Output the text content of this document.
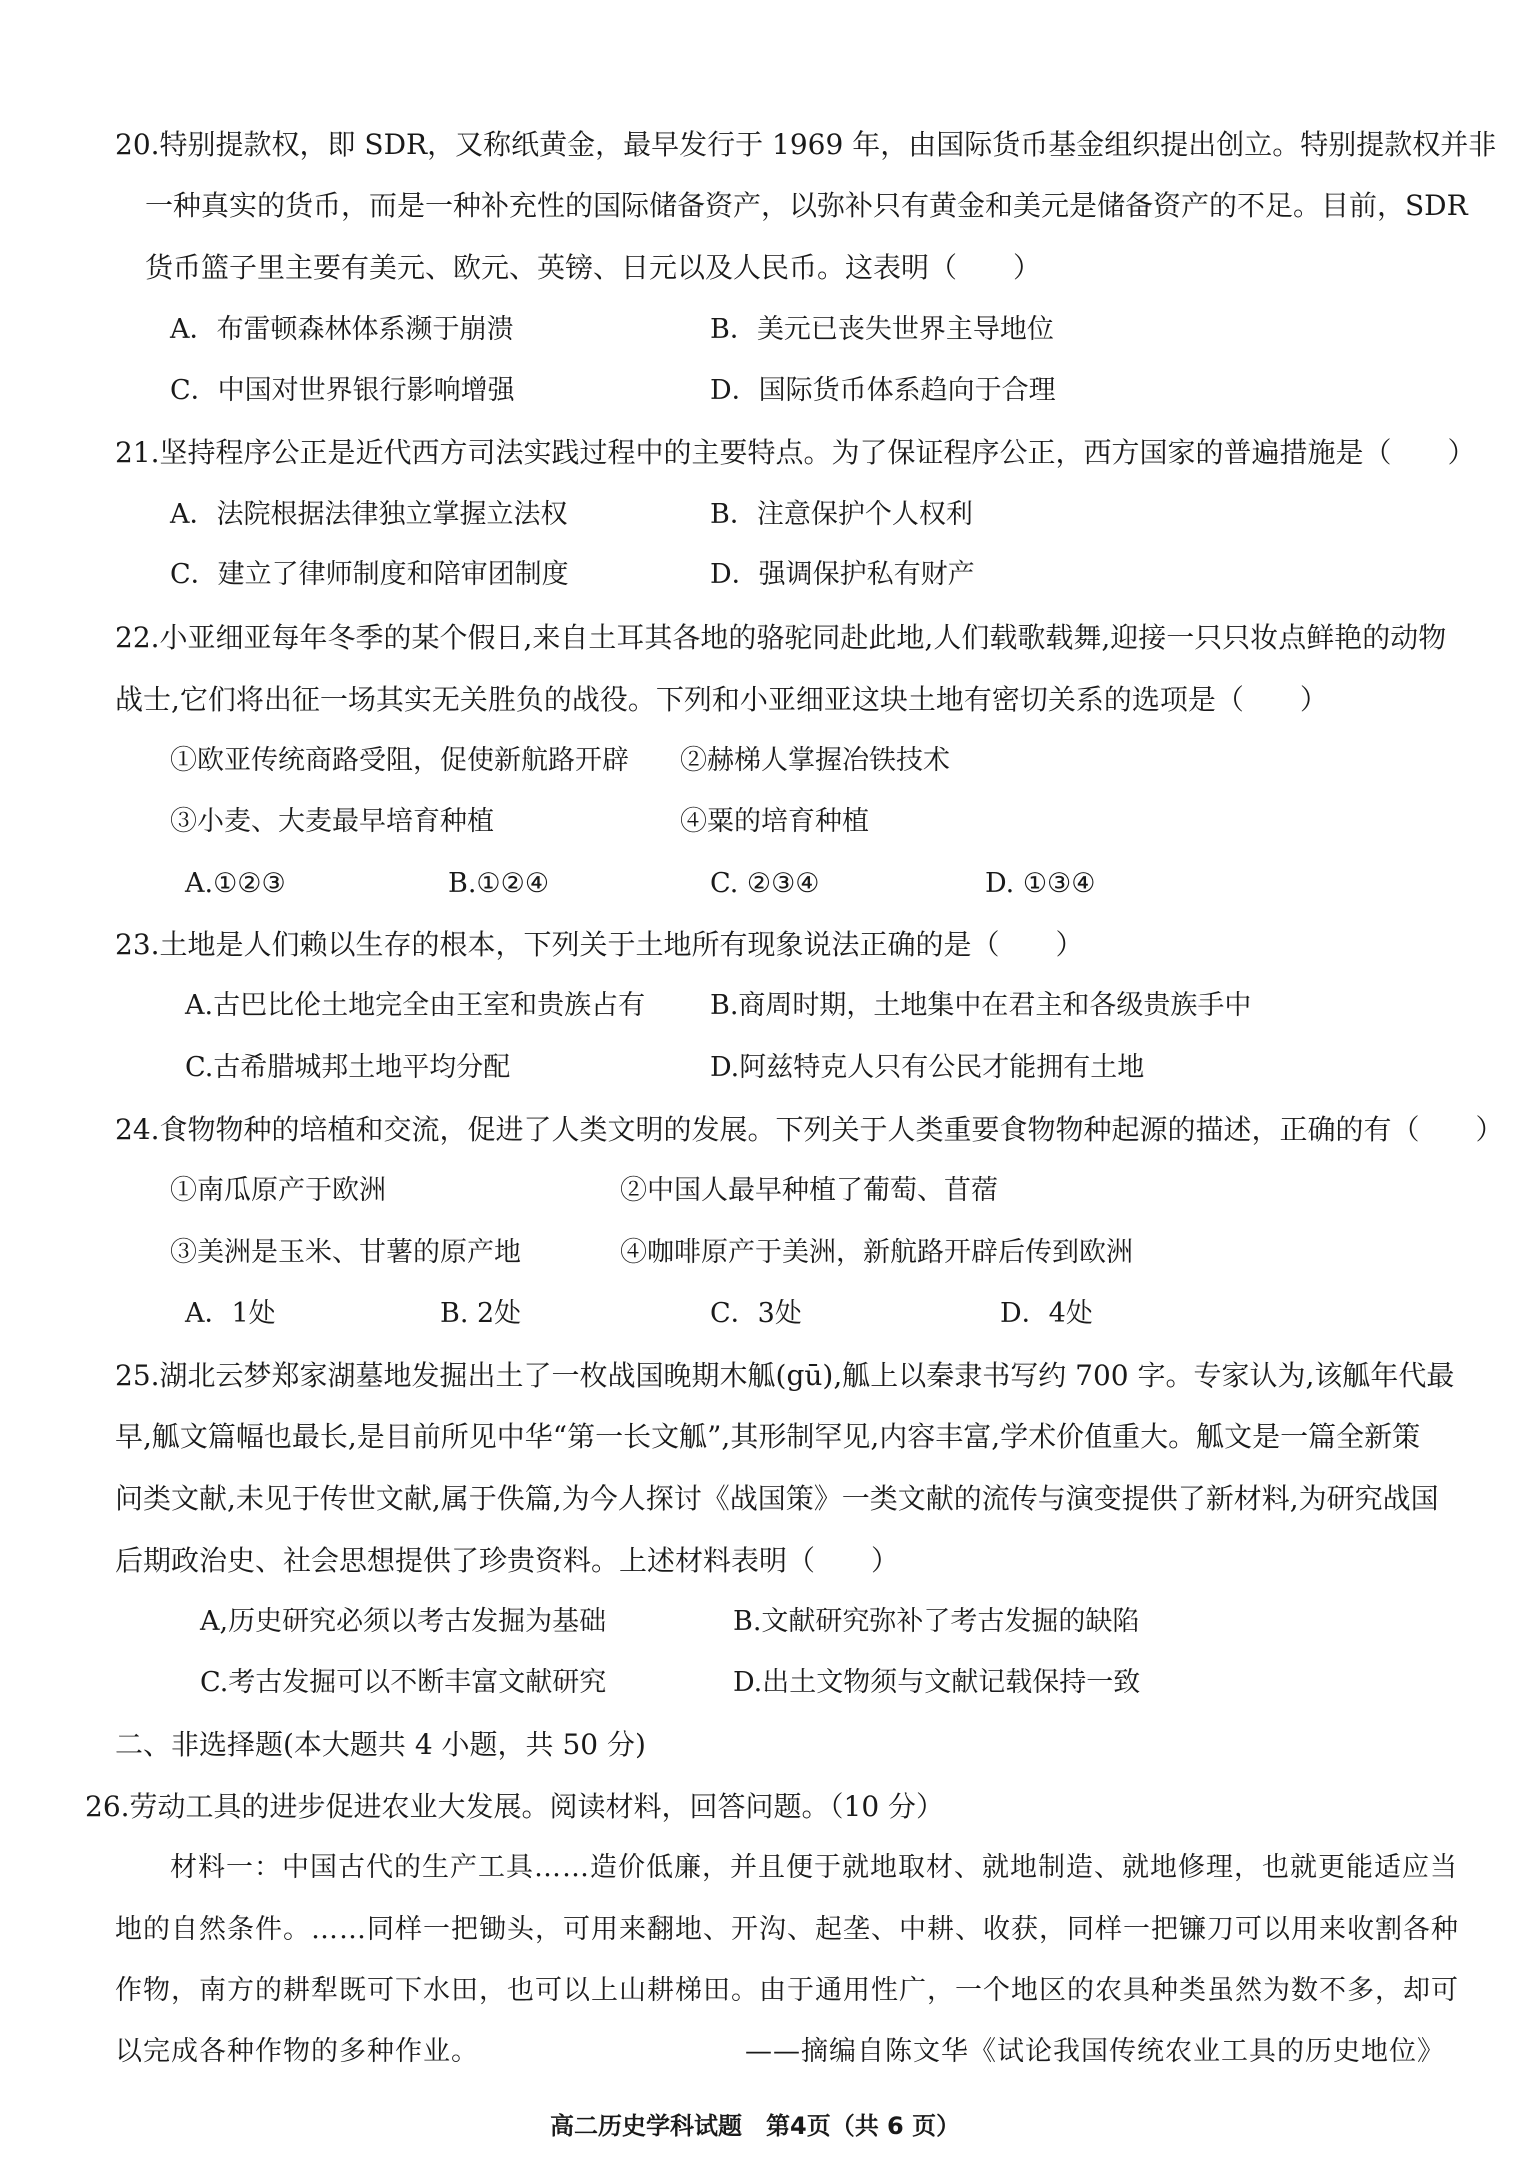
20.特别提款权，即 SDR，又称纸黄金，最早发行于 1969 年，由国际货币基金组织提出创立。特别提款权并非
一种真实的货币，而是一种补充性的国际储备资产，以弥补只有黄金和美元是储备资产的不足。目前，SDR
货币篮子里主要有美元、欧元、英镑、日元以及人民币。这表明（　　）
A．布雷顿森林体系濒于崩溃	B．美元已丧失世界主导地位
C．中国对世界银行影响增强	D．国际货币体系趋向于合理
21.坚持程序公正是近代西方司法实践过程中的主要特点。为了保证程序公正，西方国家的普遍措施是（　　）
A．法院根据法律独立掌握立法权	B．注意保护个人权利
C．建立了律师制度和陪审团制度	D．强调保护私有财产
22.小亚细亚每年冬季的某个假日,来自土耳其各地的骆驼同赴此地,人们载歌载舞,迎接一只只妆点鲜艳的动物
战士,它们将出征一场其实无关胜负的战役。下列和小亚细亚这块土地有密切关系的选项是（　　）
①欧亚传统商路受阻，促使新航路开辟 ②赫梯人掌握冶铁技术
③小麦、大麦最早培育种植	④粟的培育种植
A.①②③	B.①②④	C. ②③④	D. ①③④
23.土地是人们赖以生存的根本，下列关于土地所有现象说法正确的是（　　）
A.古巴比伦土地完全由王室和贵族占有 B.商周时期，土地集中在君主和各级贵族手中
C.古希腊城邦土地平均分配	D.阿兹特克人只有公民才能拥有土地
24.食物物种的培植和交流，促进了人类文明的发展。下列关于人类重要食物物种起源的描述，正确的有（　　）
①南瓜原产于欧洲	②中国人最早种植了葡萄、苜蓿
③美洲是玉米、甘薯的原产地	④咖啡原产于美洲，新航路开辟后传到欧洲
A．1处	B. 2处	C．3处	D．4处
25.湖北云梦郑家湖墓地发掘出土了一枚战国晚期木觚(gū),觚上以秦隶书写约 700 字。专家认为,该觚年代最
早,觚文篇幅也最长,是目前所见中华“第一长文觚”,其形制罕见,内容丰富,学术价值重大。觚文是一篇全新策
问类文献,未见于传世文献,属于佚篇,为今人探讨《战国策》一类文献的流传与演变提供了新材料,为研究战国
后期政治史、社会思想提供了珍贵资料。上述材料表明（　　）
A,历史研究必须以考古发掘为基础	B.文献研究弥补了考古发掘的缺陷
C.考古发掘可以不断丰富文献研究	D.出土文物须与文献记载保持一致
二、非选择题(本大题共 4 小题，共 50 分)
26.劳动工具的进步促进农业大发展。阅读材料，回答问题。（10 分）
材料一：中国古代的生产工具……造价低廉，并且便于就地取材、就地制造、就地修理，也就更能适应当
地的自然条件。……同样一把锄头，可用来翻地、开沟、起垄、中耕、收获，同样一把镰刀可以用来收割各种
作物，南方的耕犁既可下水田，也可以上山耕梯田。由于通用性广，一个地区的农具种类虽然为数不多，却可
以完成各种作物的多种作业。	——摘编自陈文华《试论我国传统农业工具的历史地位》
高二历史学科试题　第4页（共 6 页）
